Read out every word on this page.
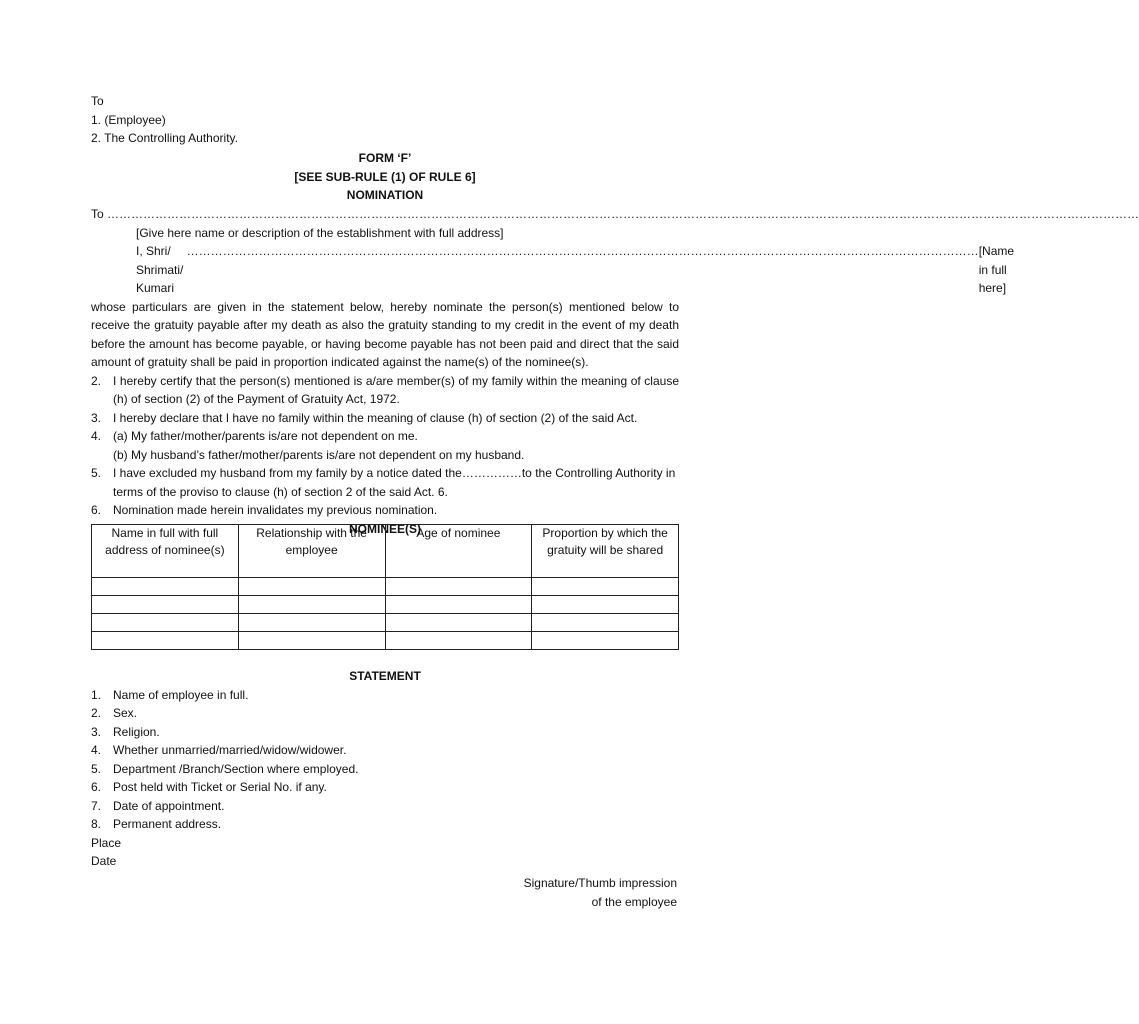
To
1. (Employee)
2. The Controlling Authority.
FORM ‘F’
[SEE SUB-RULE (1) OF RULE 6]
NOMINATION
To ……………………………………………………………………………………………………………………………………………………………………………………………………………………………………
[Give here name or description of the establishment with full address]
I, Shri/ Shrimati/ Kumari
……………………………………………………………………………………………………………………………………………………………………………… [Name in full here]
whose particulars are given in the statement below, hereby nominate the person(s) mentioned below to receive the gratuity payable after my death as also the gratuity standing to my credit in the event of my death before the amount has become payable, or having become payable has not been paid and direct that the said amount of gratuity shall be paid in proportion indicated against the name(s) of the nominee(s).
2. I hereby certify that the person(s) mentioned is a/are member(s) of my family within the meaning of clause (h) of section (2) of the Payment of Gratuity Act, 1972.
3. I hereby declare that I have no family within the meaning of clause (h) of section (2) of the said Act.
4. (a) My father/mother/parents is/are not dependent on me.
(b) My husband’s father/mother/parents is/are not dependent on my husband.
5. I have excluded my husband from my family by a notice dated the……………to the Controlling Authority in terms of the proviso to clause (h) of section 2 of the said Act. 6.
6. Nomination made herein invalidates my previous nomination.
NOMINEE(S)
Name in full with full address of nominee(s)	Relationship with the employee	Age of nominee	Proportion by which the gratuity will be shared

STATEMENT
1. Name of employee in full.
2. Sex.
3. Religion.
4. Whether unmarried/married/widow/widower.
5. Department /Branch/Section where employed.
6. Post held with Ticket or Serial No. if any.
7. Date of appointment.
8. Permanent address.
Place
Date
Signature/Thumb impression
of the employee
